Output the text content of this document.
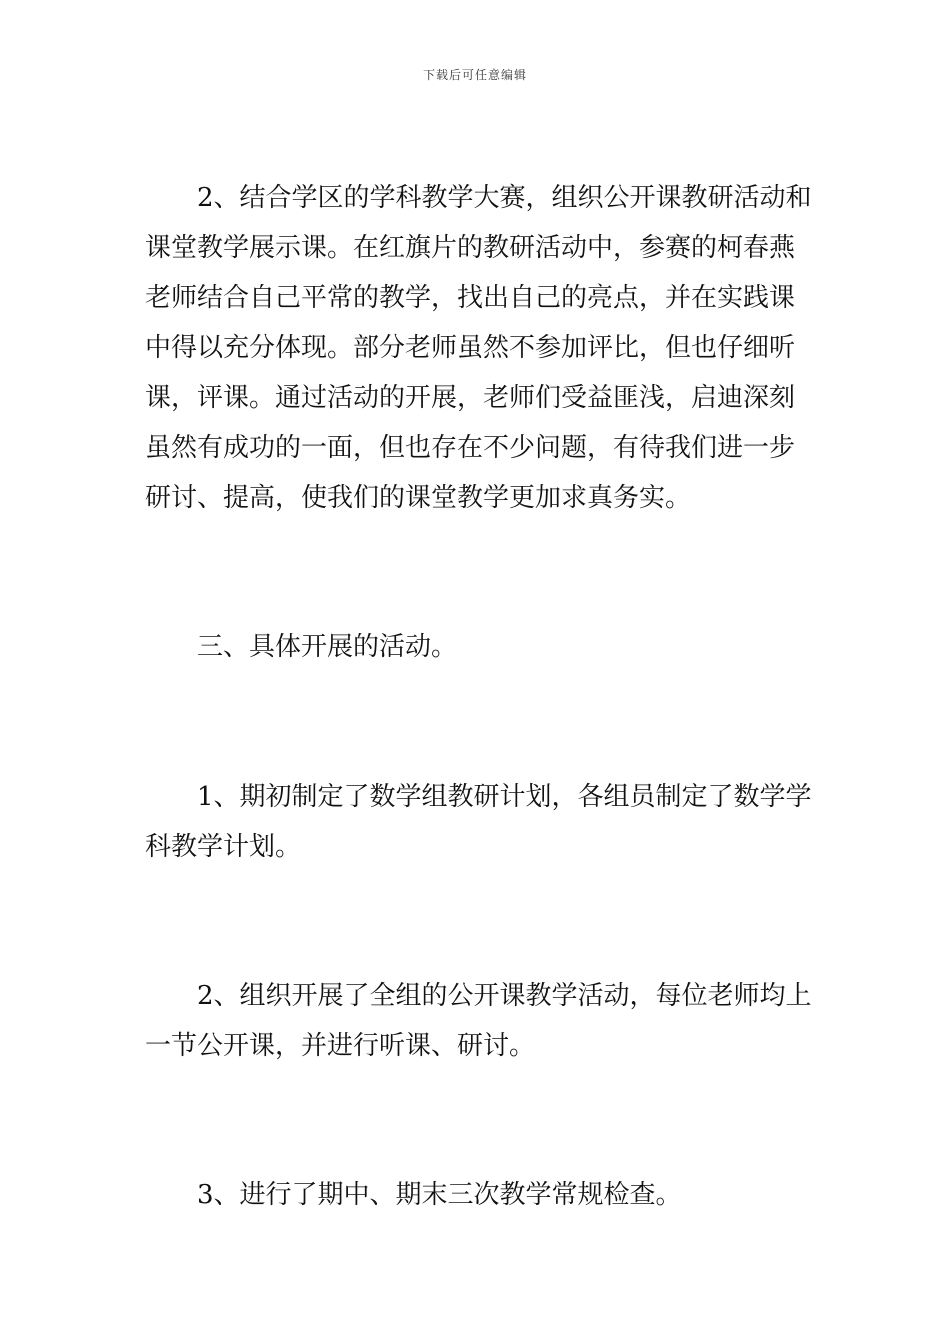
下载后可任意编辑
2、结合学区的学科教学大赛，组织公开课教研活动和
课堂教学展示课。在红旗片的教研活动中，参赛的柯春燕
老师结合自己平常的教学，找出自己的亮点，并在实践课
中得以充分体现。部分老师虽然不参加评比，但也仔细听
课，评课。通过活动的开展，老师们受益匪浅，启迪深刻
虽然有成功的一面，但也存在不少问题，有待我们进一步
研讨、提高，使我们的课堂教学更加求真务实。
三、具体开展的活动。
1、期初制定了数学组教研计划，各组员制定了数学学
科教学计划。
2、组织开展了全组的公开课教学活动，每位老师均上
一节公开课，并进行听课、研讨。
3、进行了期中、期末三次教学常规检查。
